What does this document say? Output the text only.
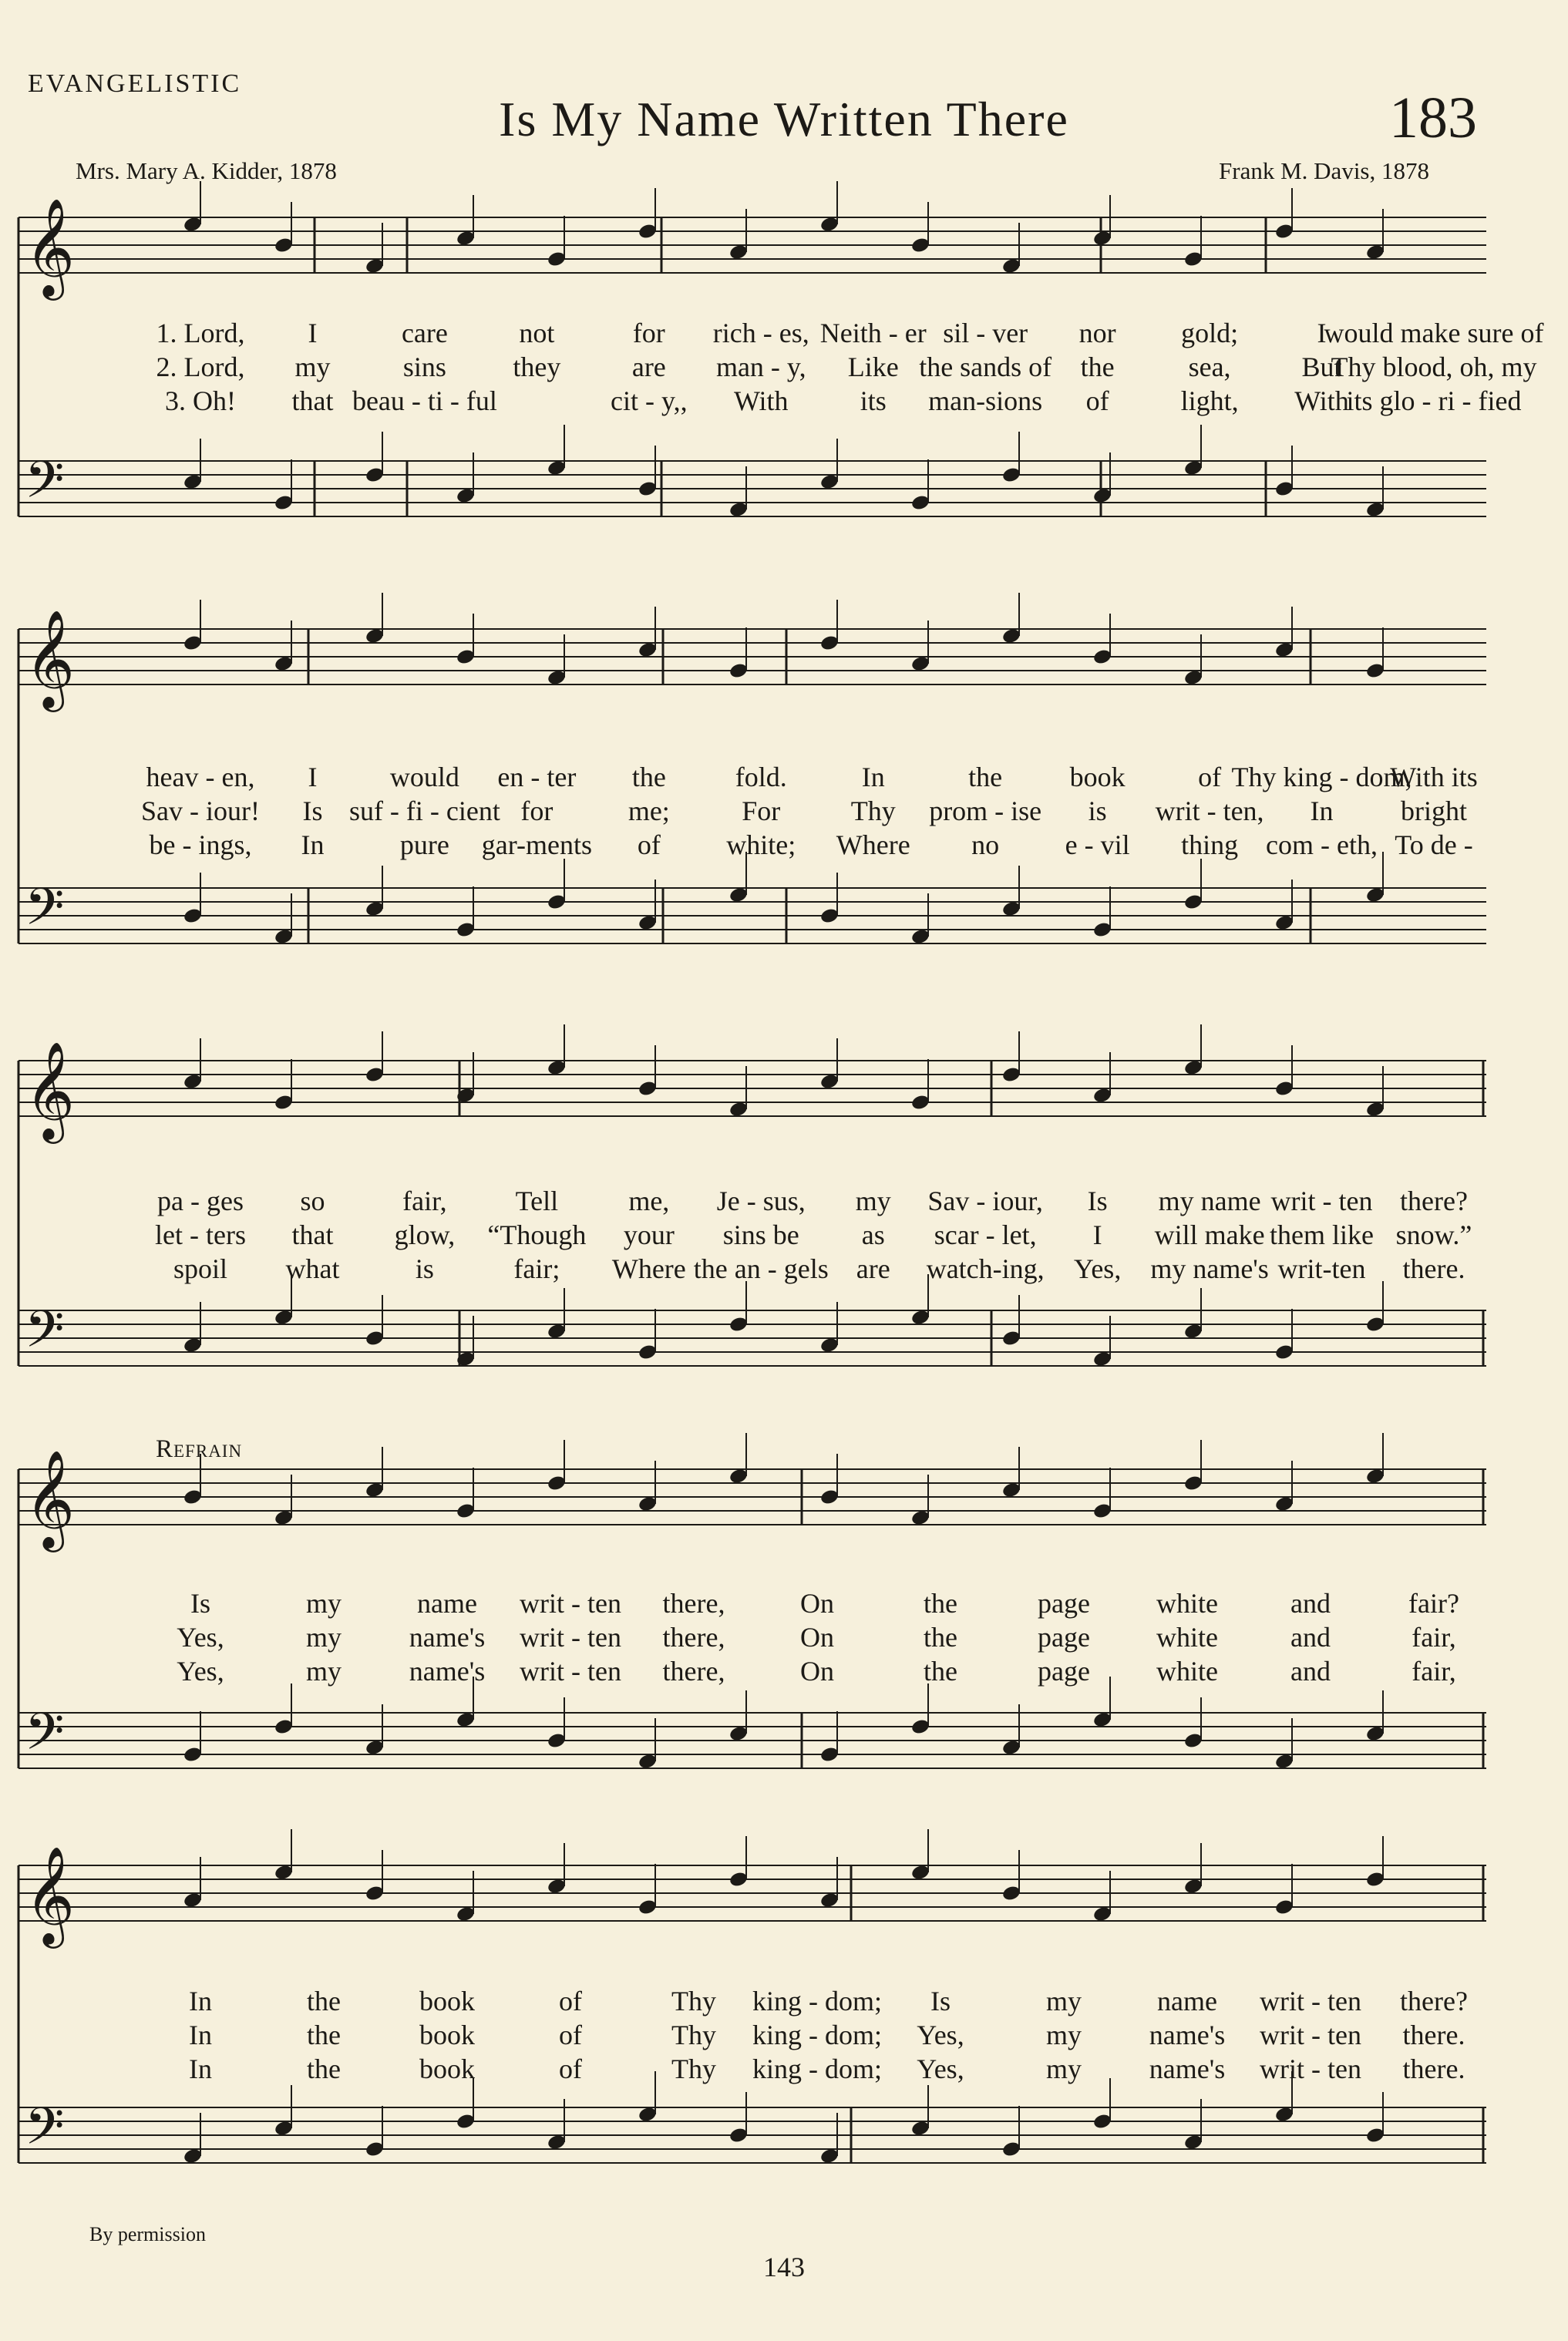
EVANGELISTIC
Is My Name Written There	183
Mrs. Mary A. Kidder, 1878	Frank M. Davis, 1878
Refrain
𝄞
𝄢
1. Lord, I	care	not	for rich - es, Neith - er sil - ver nor gold;	I
would make sure of
2. Lord, my	sins they	are man - y, Like the sands of the	sea,	But
Thy blood, oh, my
3. Oh! that beau - ti - ful	cit - y,, With	its man-sions of	light, With
its glo - ri - fied
𝄞
𝄢
heav - en, I	would en - ter the fold.	In	the book	of Thy king - dom,
With its
Sav - iour! Is suf - fi - cient for	me;	For	Thy prom - ise is writ - ten, In bright
be - ings, In	pure gar-ments of white; Where no e - vil thing com - eth, To de -
𝄞
𝄢
pa - ges so	fair, Tell	me, Je - sus, my Sav - iour, Is my name writ - ten there?
let - ters that glow, “Though your sins be as scar - let, I will make them like snow.”
spoil what	is	fair; Where the an - gels are watch-ing, Yes, my name's writ-ten there.
𝄞
𝄢
Is	my	name writ - ten there,	On	the	page white	and	fair?
Yes,	my name's writ - ten there,	On	the	page white	and	fair,
Yes,	my name's writ - ten there,	On	the	page white	and	fair,
𝄞
𝄢
In	the	book	of	Thy king - dom; Is	my	name writ - ten there?
In	the	book	of	Thy king - dom; Yes,	my name's writ - ten there.
In	the	book	of	Thy king - dom; Yes,	my name's writ - ten there.
By permission
143
